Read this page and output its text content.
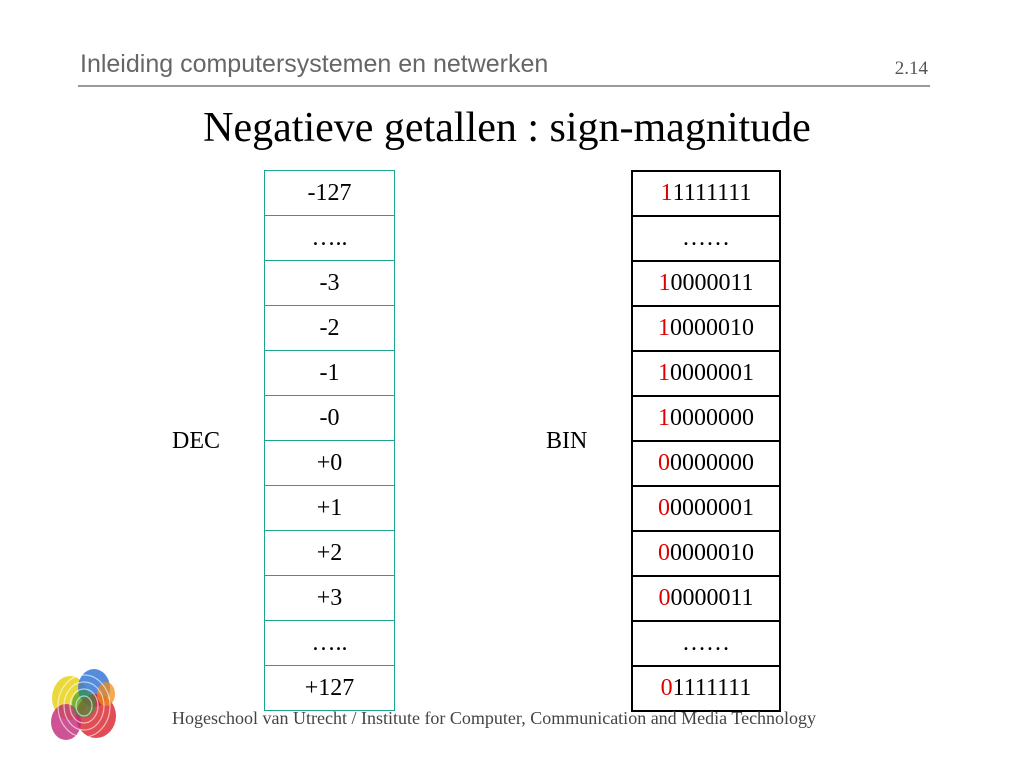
Inleiding computersystemen en netwerken	2.14
Negatieve getallen : sign-magnitude
DEC	BIN
-127
…..
-3
-2
-1
-0
+0
+1
+2
+3
…..
+127
1 1111111
……
1 0000011
1 0000010
1 0000001
1 0000000
0 0000000
0 0000001
0 0000010
0 0000011
……
0 1111111
Hogeschool van Utrecht / Institute for Computer, Communication and Media Technology
